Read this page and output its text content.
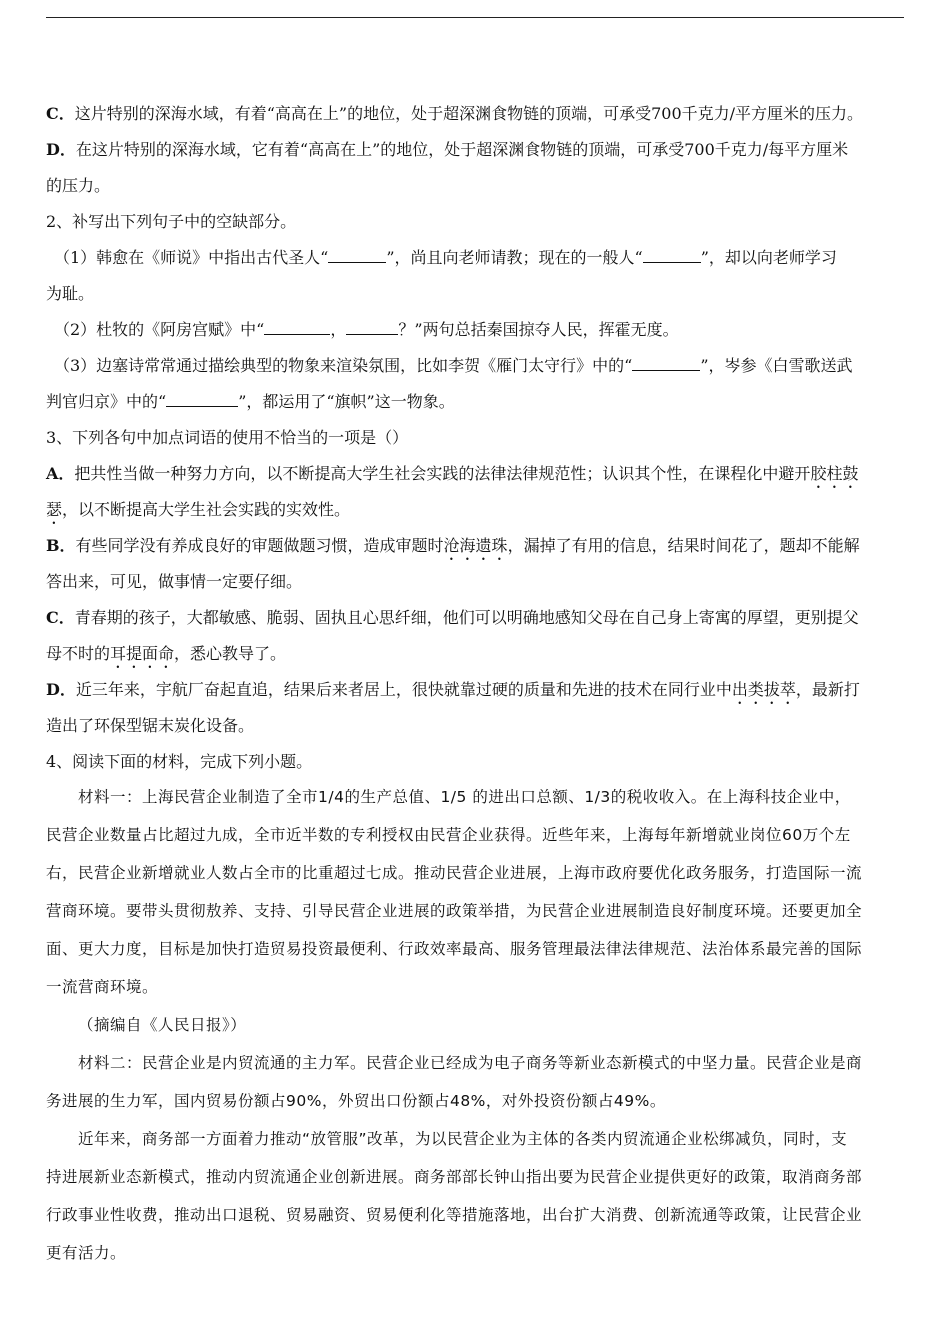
C．这片特别的深海水域，有着“高高在上”的地位，处于超深渊食物链的顶端，可承受700千克力/平方厘米的压力。

D．在这片特别的深海水域，它有着“高高在上”的地位，处于超深渊食物链的顶端，可承受700千克力/每平方厘米

的压力。

2、补写出下列句子中的空缺部分。

（1）韩愈在《师说》中指出古代圣人“	”，尚且向老师请教；现在的一般人“	”，却以向老师学习

为耻。

（2）杜牧的《阿房宫赋》中“	，	？”两句总括秦国掠夺人民，挥霍无度。

（3）边塞诗常常通过描绘典型的物象来渲染氛围，比如李贺《雁门太守行》中的“	”，岑参《白雪歌送武

判官归京》中的“	”，都运用了“旗帜”这一物象。

3、下列各句中加点词语的使用不恰当的一项是（）

A．把共性当做一种努力方向，以不断提高大学生社会实践的法律法律规范性；认识其个性，在课程化中避开胶柱鼓

瑟，以不断提高大学生社会实践的实效性。

B．有些同学没有养成良好的审题做题习惯，造成审题时沧海遗珠，漏掉了有用的信息，结果时间花了，题却不能解

答出来，可见，做事情一定要仔细。

C．青春期的孩子，大都敏感、脆弱、固执且心思纤细，他们可以明确地感知父母在自己身上寄寓的厚望，更别提父

母不时的耳提面命，悉心教导了。

D．近三年来，宇航厂奋起直追，结果后来者居上，很快就靠过硬的质量和先进的技术在同行业中出类拔萃，最新打

造出了环保型锯末炭化设备。

4、阅读下面的材料，完成下列小题。

材料一：上海民营企业制造了全市1/4的生产总值、1/5 的进出口总额、1/3的税收收入。在上海科技企业中，

民营企业数量占比超过九成，全市近半数的专利授权由民营企业获得。近些年来，上海每年新增就业岗位60万个左

右，民营企业新增就业人数占全市的比重超过七成。推动民营企业进展，上海市政府要优化政务服务，打造国际一流

营商环境。要带头贯彻敖养、支持、引导民营企业进展的政策举措，为民营企业进展制造良好制度环境。还要更加全

面、更大力度，目标是加快打造贸易投资最便利、行政效率最高、服务管理最法律法律规范、法治体系最完善的国际

一流营商环境。

（摘编自《人民日报》）

材料二：民营企业是内贸流通的主力军。民营企业已经成为电子商务等新业态新模式的中坚力量。民营企业是商

务进展的生力军，国内贸易份额占90%，外贸出口份额占48%，对外投资份额占49%。

近年来，商务部一方面着力推动“放管服”改革，为以民营企业为主体的各类内贸流通企业松绑减负，同时，支

持进展新业态新模式，推动内贸流通企业创新进展。商务部部长钟山指出要为民营企业提供更好的政策，取消商务部

行政事业性收费，推动出口退税、贸易融资、贸易便利化等措施落地，出台扩大消费、创新流通等政策，让民营企业

更有活力。
